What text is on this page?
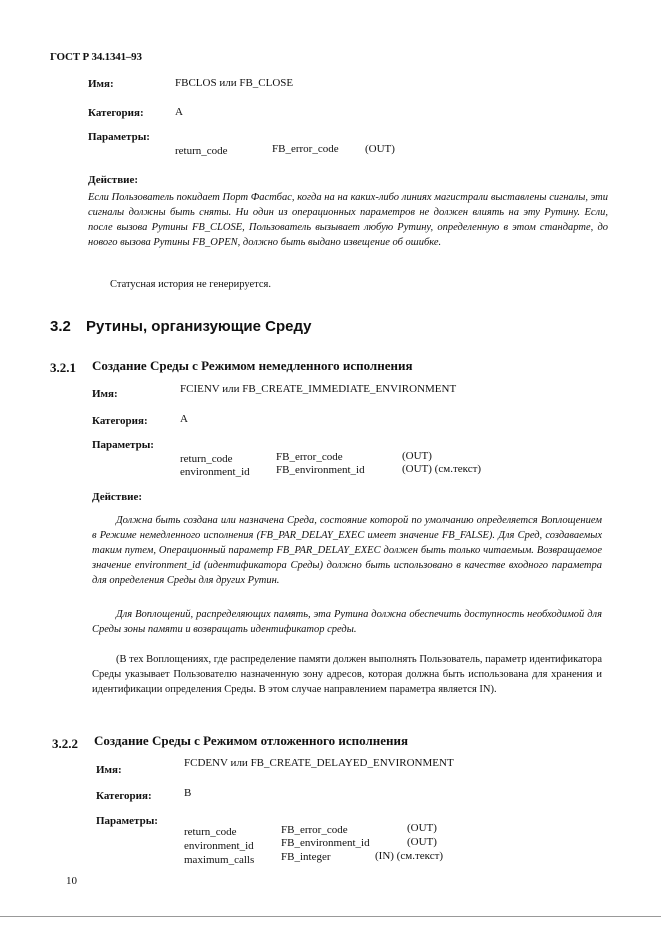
ГОСТ Р 34.1341–93
Имя:	FBCLOS или FB_CLOSE
Категория:	A
Параметры:
return_code	FB_error_code (OUT)
Действие:
Если Пользователь покидает Порт Фастбас, когда на на каких-либо линиях магистрали выставлены сигналы, эти сигналы должны быть сняты. Ни один из операционных параметров не должен влиять на эту Рутину. Если, после вызова Рутины FB_CLOSE, Пользователь вызывает любую Рутину, определенную в этом стандарте, до нового вызова Рутины FB_OPEN, должно быть выдано извещение об ошибке.
Статусная история не генерируется.
3.2 Рутины, организующие Среду
3.2.1 Создание Среды с Режимом немедленного исполнения
Имя:	FCIENV или FB_CREATE_IMMEDIATE_ENVIRONMENT
Категория:	A
Параметры:
return_code	FB_error_code	(OUT)
environment_id FB_environment_id	(OUT) (см.текст)
Действие:
Должна быть создана или назначена Среда, состояние которой по умолчанию определяется Воплощением в Режиме немедленного исполнения (FB_PAR_DELAY_EXEC имеет значение FB_FALSE). Для Сред, создаваемых таким путем, Операционный параметр FB_PAR_DELAY_EXEC должен быть только читаемым. Возвращаемое значение environment_id (идентификатора Среды) должно быть использовано в качестве входного параметра для определения Среды для других Рутин.
Для Воплощений, распределяющих память, эта Рутина должна обеспечить доступность необходимой для Среды зоны памяти и возвращать идентификатор среды.
(В тех Воплощениях, где распределение памяти должен выполнять Пользователь, параметр идентификатора Среды указывает Пользователю назначенную зону адресов, которая должна быть использована для хранения и идентификации определения Среды. В этом случае направлением параметра является IN).
3.2.2 Создание Среды с Режимом отложенного исполнения
Имя:
FCDENV или FB_CREATE_DELAYED_ENVIRONMENT
Категория:	B
Параметры:
return_code	FB_error_code	(OUT)
environment_id FB_environment_id	(OUT)
maximum_calls FB_integer	(IN) (см.текст)
10
